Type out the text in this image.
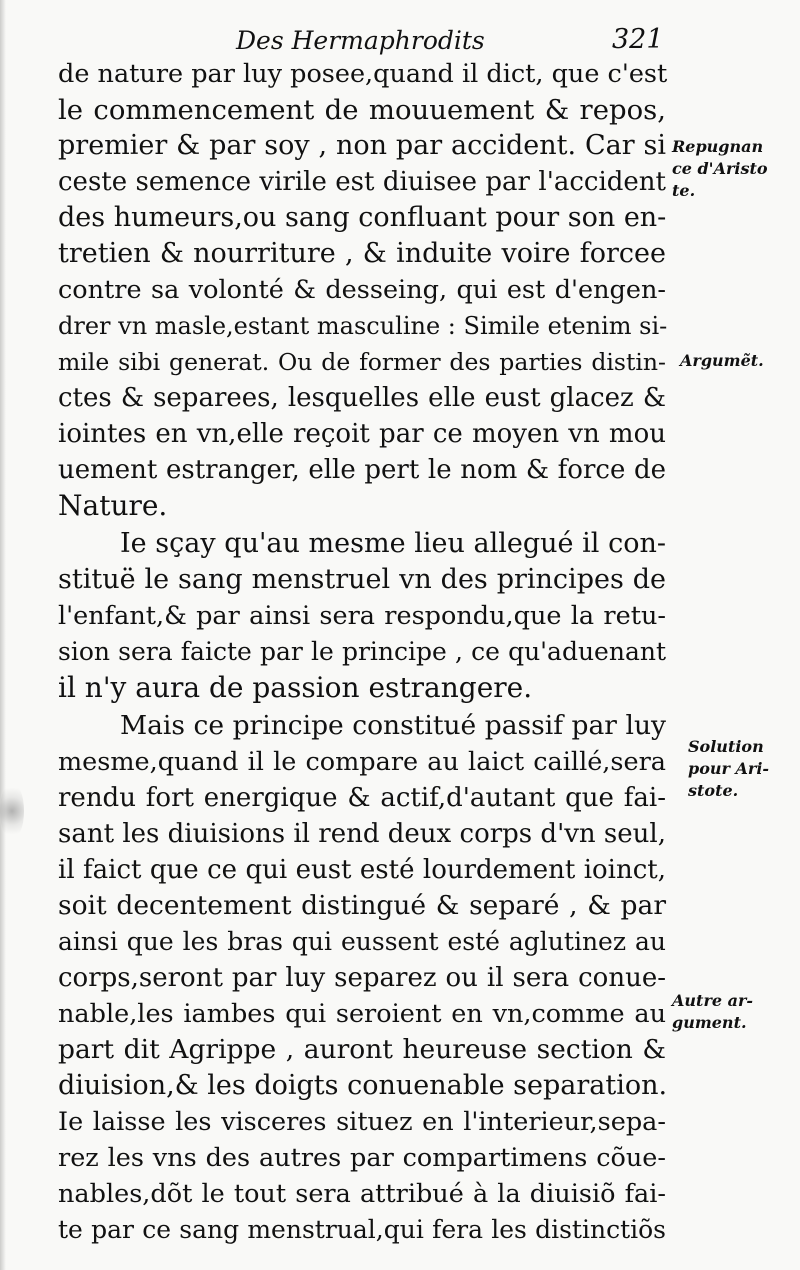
Des Hermaphrodits	321
de nature par luy posee,quand il dict, que c'est
le commencement de mouuement & repos,
premier & par soy , non par accident. Car si
ceste semence virile est diuisee par l'accident
des humeurs,ou sang confluant pour son en-
tretien & nourriture , & induite voire forcee
contre sa volonté & desseing, qui est d'engen-
drer vn masle,estant masculine : Simile etenim si-
mile sibi generat. Ou de former des parties distin-
ctes & separees, lesquelles elle eust glacez &
iointes en vn,elle reçoit par ce moyen vn mou
uement estranger, elle pert le nom & force de
Nature.
Ie sçay qu'au mesme lieu allegué il con-
stituë le sang menstruel vn des principes de
l'enfant,& par ainsi sera respondu,que la retu-
sion sera faicte par le principe , ce qu'aduenant
il n'y aura de passion estrangere.
Mais ce principe constitué passif par luy
mesme,quand il le compare au laict caillé,sera
rendu fort energique & actif,d'autant que fai-
sant les diuisions il rend deux corps d'vn seul,
il faict que ce qui eust esté lourdement ioinct,
soit decentement distingué & separé , & par
ainsi que les bras qui eussent esté aglutinez au
corps,seront par luy separez ou il sera conue-
nable,les iambes qui seroient en vn,comme au
part dit Agrippe , auront heureuse section &
diuision,& les doigts conuenable separation.
Ie laisse les visceres situez en l'interieur,sepa-
rez les vns des autres par compartimens cõue-
nables,dõt le tout sera attribué à la diuisiõ fai-
te par ce sang menstrual,qui fera les distinctiõs
Repugnan
ce d'Aristo
te.
Argumẽt.
Solution
pour Ari-
stote.
Autre ar-
gument.
